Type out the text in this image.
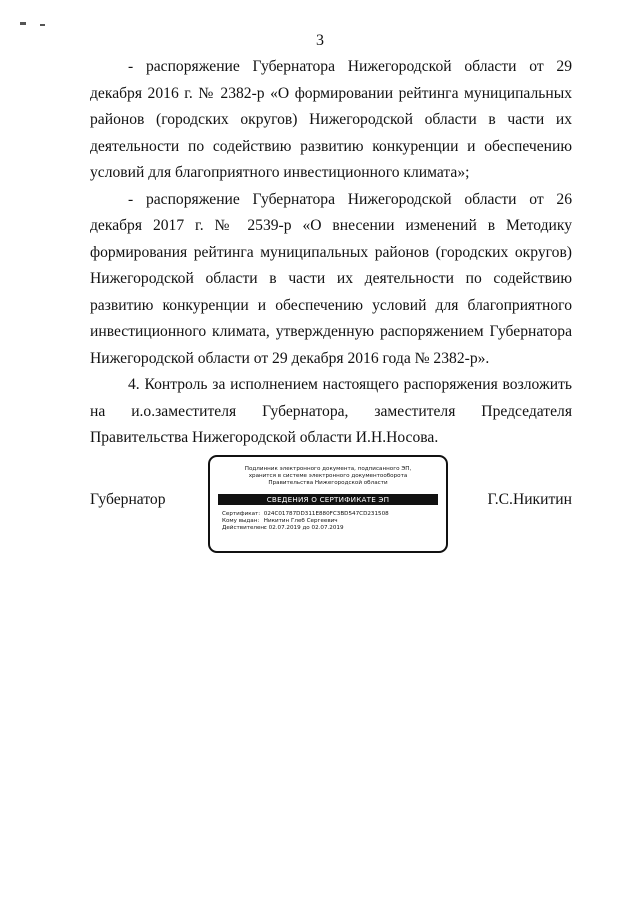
3

- распоряжение Губернатора Нижегородской области от 29 декабря 2016 г. № 2382-р «О формировании рейтинга муниципальных районов (городских округов) Нижегородской области в части их деятельности по содействию развитию конкуренции и обеспечению условий для благоприятного инвестиционного климата»;

- распоряжение Губернатора Нижегородской области от 26 декабря 2017 г. № 2539-р «О внесении изменений в Методику формирования рейтинга муниципальных районов (городских округов) Нижегородской области в части их деятельности по содействию развитию конкуренции и обеспечению условий для благоприятного инвестиционного климата, утвержденную распоряжением Губернатора Нижегородской области от 29 декабря 2016 года № 2382-р».

4. Контроль за исполнением настоящего распоряжения возложить на и.о.заместителя Губернатора, заместителя Председателя Правительства Нижегородской области И.Н.Носова.

Губернатор
Подлинник электронного документа, подписанного ЭП, хранится в системе электронного документооборота Правительства Нижегородской области
СВЕДЕНИЯ О СЕРТИФИКАТЕ ЭП
Сертификат: 024C01787DD311E880FC3BD547CD231508
Кому выдан: Никитин Глеб Сергеевич
Действителен: с 02.07.2019 до 02.07.2019
Г.С.Никитин
